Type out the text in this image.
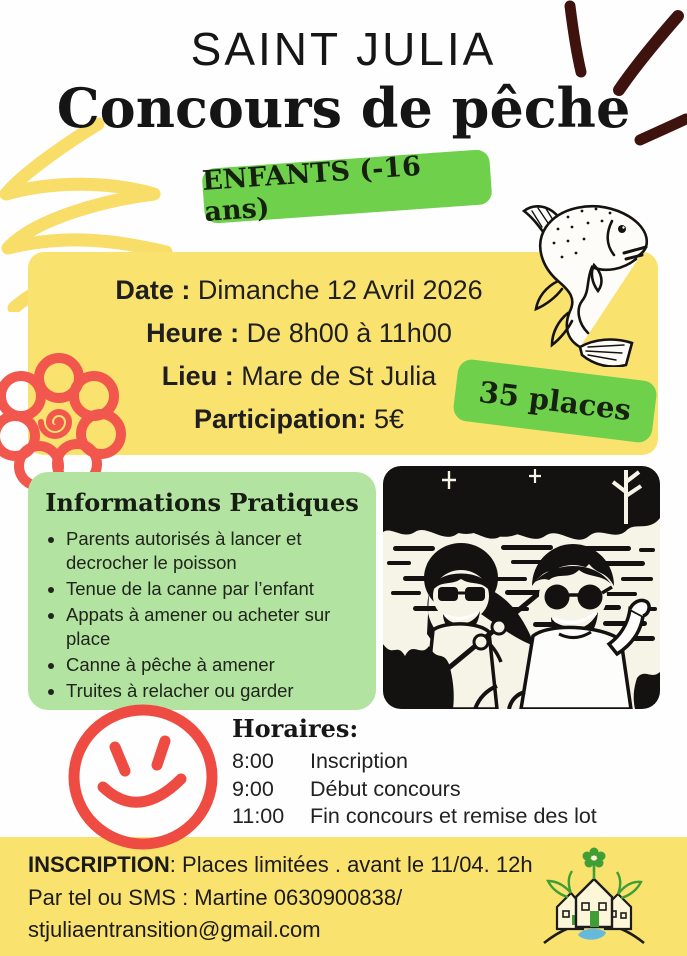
SAINT JULIA
Concours de pêche
ENFANTS (-16 ans)
Date : Dimanche 12 Avril 2026
Heure : De 8h00 à 11h00
Lieu : Mare de St Julia
Participation: 5€	35 places
Informations Pratiques
• Parents autorisés à lancer et decrocher le poisson
• Tenue de la canne par l’enfant
• Appats à amener ou acheter sur place
• Canne à pêche à amener
• Truites à relacher ou garder	M.
Horaires:
8:00	Inscription
9:00	Début concours
11:00	Fin concours et remise des lot
INSCRIPTION: Places limitées . avant le 11/04. 12h
Par tel ou SMS : Martine 0630900838/
stjuliaentransition@gmail.com
